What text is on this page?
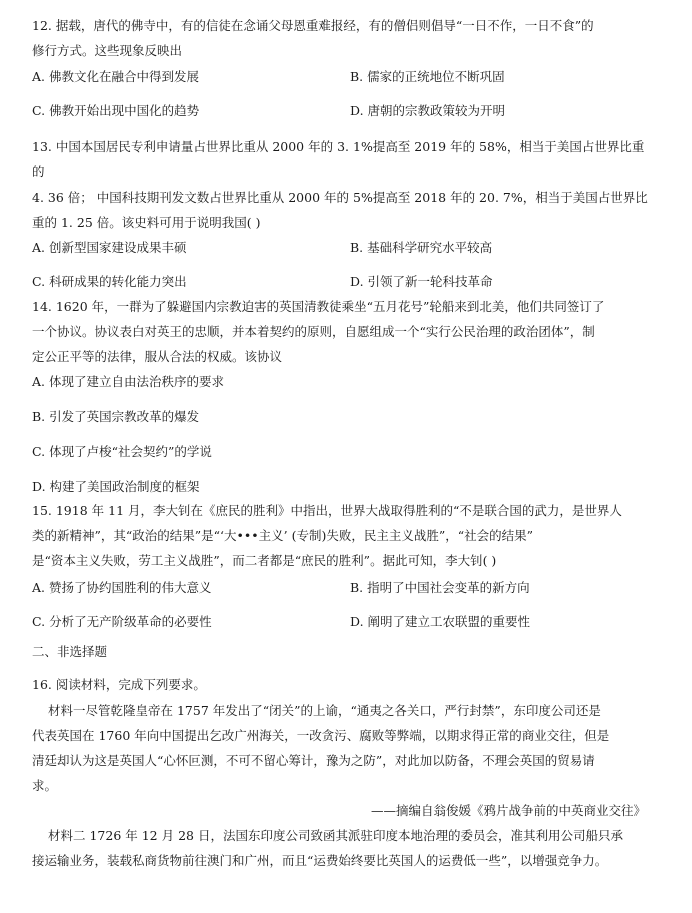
12. 据载，唐代的佛寺中，有的信徒在念诵父母恩重难报经，有的僧侣则倡导“一日不作，一日不食”的
修行方式。这些现象反映出
A. 佛教文化在融合中得到发展	B. 儒家的正统地位不断巩固
C. 佛教开始出现中国化的趋势	D. 唐朝的宗教政策较为开明
13. 中国本国居民专利申请量占世界比重从 2000 年的 3. 1%提高至 2019 年的 58%，相当于美国占世界比重
的
4. 36 倍； 中国科技期刊发文数占世界比重从 2000 年的 5%提高至 2018 年的 20. 7%，相当于美国占世界比
重的 1. 25 倍。该史料可用于说明我国( )
A. 创新型国家建设成果丰硕	B. 基础科学研究水平较高
C. 科研成果的转化能力突出	D. 引领了新一轮科技革命
14. 1620 年，一群为了躲避国内宗教迫害的英国清教徒乘坐“五月花号”轮船来到北美，他们共同签订了
一个协议。协议表白对英王的忠顺，并本着契约的原则，自愿组成一个“实行公民治理的政治团体”，制
定公正平等的法律，服从合法的权威。该协议
A. 体现了建立自由法治秩序的要求
B. 引发了英国宗教改革的爆发
C. 体现了卢梭“社会契约”的学说
D. 构建了美国政治制度的框架
15. 1918 年 11 月，李大钊在《庶民的胜利》中指出，世界大战取得胜利的“不是联合国的武力，是世界人
类的新精神”，其“政治的结果”是“‘大•••主义’ (专制)失败，民主主义战胜”，“社会的结果”
是“资本主义失败，劳工主义战胜”，而二者都是“庶民的胜利”。据此可知，李大钊( )
A. 赞扬了协约国胜利的伟大意义	B. 指明了中国社会变革的新方向
C. 分析了无产阶级革命的必要性	D. 阐明了建立工农联盟的重要性
二、非选择题
16. 阅读材料，完成下列要求。
材料一尽管乾隆皇帝在 1757 年发出了“闭关”的上谕，“通夷之各关口，严行封禁”，东印度公司还是
代表英国在 1760 年向中国提出乞改广州海关，一改贪污、腐败等弊端，以期求得正常的商业交往，但是
清廷却认为这是英国人“心怀叵测，不可不留心筹计，豫为之防”，对此加以防备，不理会英国的贸易请
求。
——摘编自翁俊媛《鸦片战争前的中英商业交往》
材料二 1726 年 12 月 28 日，法国东印度公司致函其派驻印度本地治理的委员会，准其利用公司船只承
接运输业务，装载私商货物前往澳门和广州，而且“运费始终要比英国人的运费低一些”，以增强竞争力。
